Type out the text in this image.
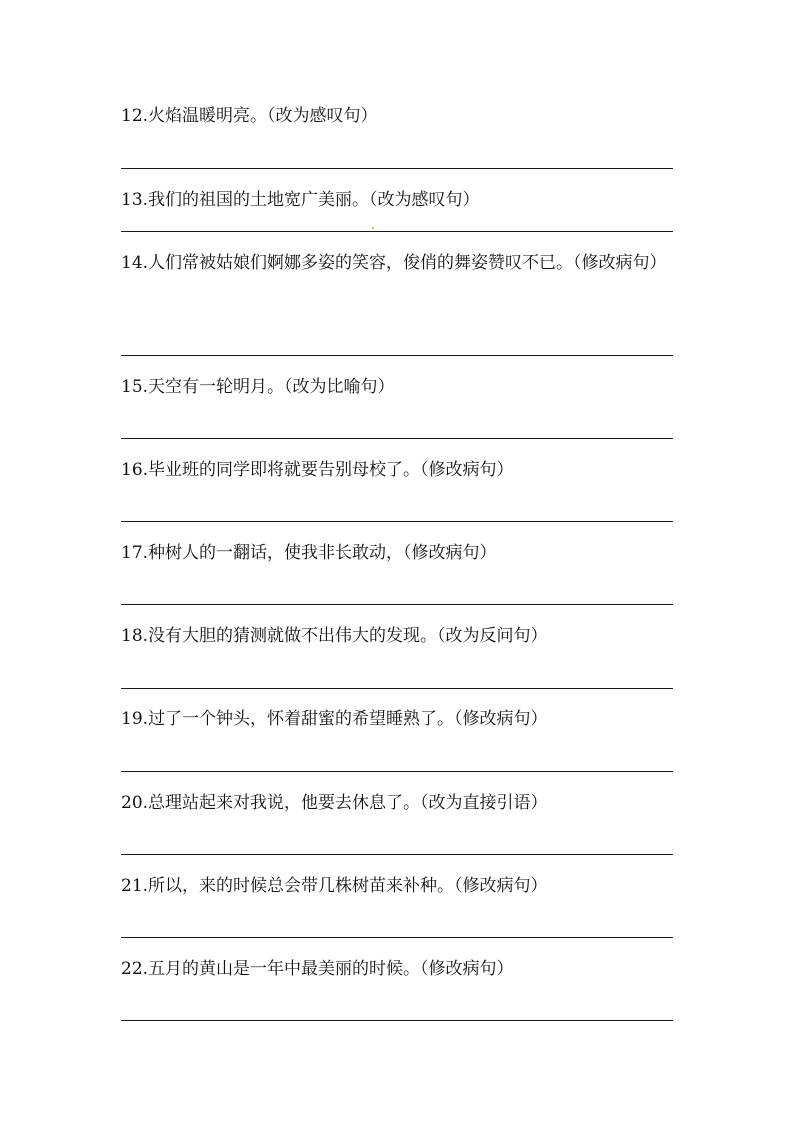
12.火焰温暖明亮。（改为感叹句）
13.我们的祖国的土地宽广美丽。（改为感叹句）
14.人们常被姑娘们婀娜多姿的笑容，俊俏的舞姿赞叹不已。（修改病句）
15.天空有一轮明月。（改为比喻句）
16.毕业班的同学即将就要告别母校了。（修改病句）
17.种树人的一翻话，使我非长敢动，（修改病句）
18.没有大胆的猜测就做不出伟大的发现。（改为反问句）
19.过了一个钟头，怀着甜蜜的希望睡熟了。（修改病句）
20.总理站起来对我说，他要去休息了。（改为直接引语）
21.所以，来的时候总会带几株树苗来补种。（修改病句）
22.五月的黄山是一年中最美丽的时候。（修改病句）
